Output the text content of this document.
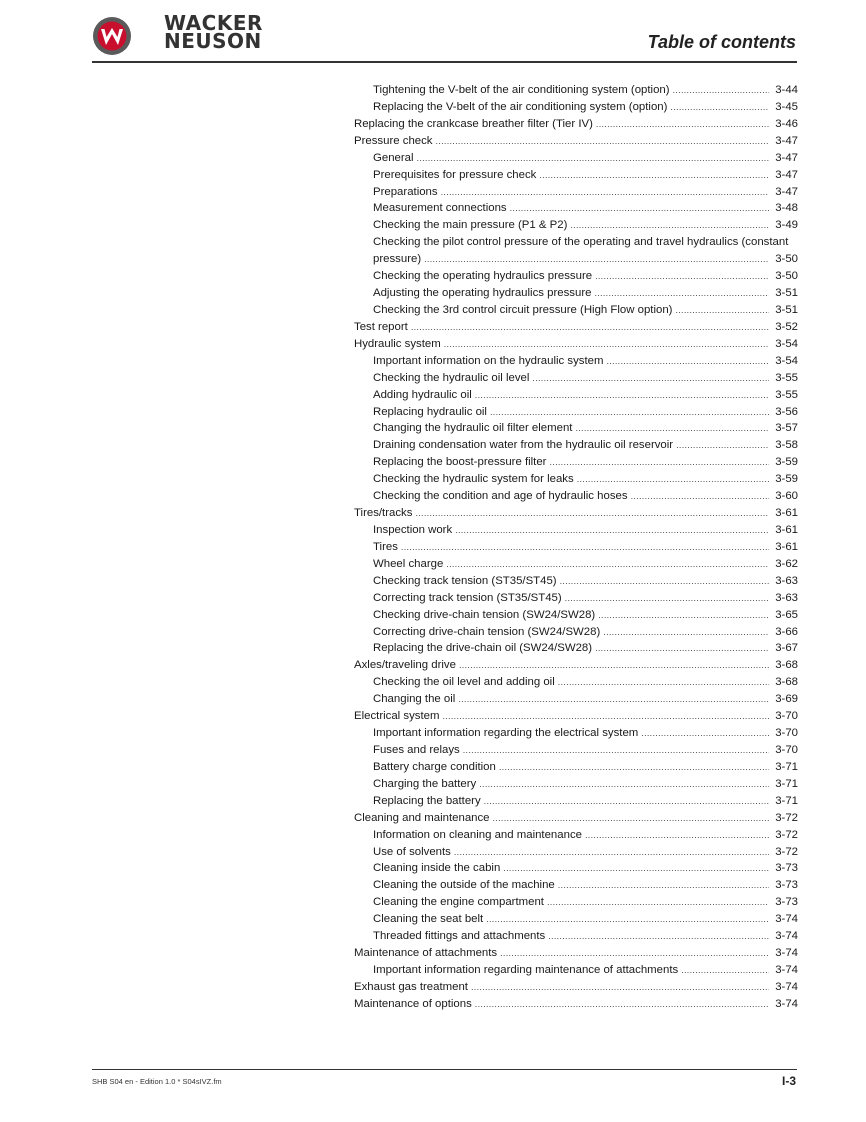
WACKER
NEUSON	Table of contents
Tightening the V-belt of the air conditioning system (option) .....	3-44
Replacing the V-belt of the air conditioning system (option) .....	3-45
Replacing the crankcase breather filter (Tier IV) .....	3-46
Pressure check .....	3-47
General .....	3-47
Prerequisites for pressure check .....	3-47
Preparations .....	3-47
Measurement connections .....	3-48
Checking the main pressure (P1 & P2) .....	3-49
Checking the pilot control pressure of the operating and travel hydraulics (constant
pressure) .....	3-50
Checking the operating hydraulics pressure .....	3-50
Adjusting the operating hydraulics pressure .....	3-51
Checking the 3rd control circuit pressure (High Flow option) .....	3-51
Test report .....	3-52
Hydraulic system .....	3-54
Important information on the hydraulic system .....	3-54
Checking the hydraulic oil level .....	3-55
Adding hydraulic oil .....	3-55
Replacing hydraulic oil .....	3-56
Changing the hydraulic oil filter element .....	3-57
Draining condensation water from the hydraulic oil reservoir .....	3-58
Replacing the boost-pressure filter .....	3-59
Checking the hydraulic system for leaks .....	3-59
Checking the condition and age of hydraulic hoses .....	3-60
Tires/tracks .....	3-61
Inspection work .....	3-61
Tires .....	3-61
Wheel charge .....	3-62
Checking track tension (ST35/ST45) .....	3-63
Correcting track tension (ST35/ST45) .....	3-63
Checking drive-chain tension (SW24/SW28) .....	3-65
Correcting drive-chain tension (SW24/SW28) .....	3-66
Replacing the drive-chain oil (SW24/SW28) .....	3-67
Axles/traveling drive .....	3-68
Checking the oil level and adding oil .....	3-68
Changing the oil .....	3-69
Electrical system .....	3-70
Important information regarding the electrical system .....	3-70
Fuses and relays .....	3-70
Battery charge condition .....	3-71
Charging the battery .....	3-71
Replacing the battery .....	3-71
Cleaning and maintenance .....	3-72
Information on cleaning and maintenance .....	3-72
Use of solvents .....	3-72
Cleaning inside the cabin .....	3-73
Cleaning the outside of the machine .....	3-73
Cleaning the engine compartment .....	3-73
Cleaning the seat belt .....	3-74
Threaded fittings and attachments .....	3-74
Maintenance of attachments .....	3-74
Important information regarding maintenance of attachments .....	3-74
Exhaust gas treatment .....	3-74
Maintenance of options .....	3-74
SHB S04 en - Edition 1.0 * S04sIVZ.fm	I-3
